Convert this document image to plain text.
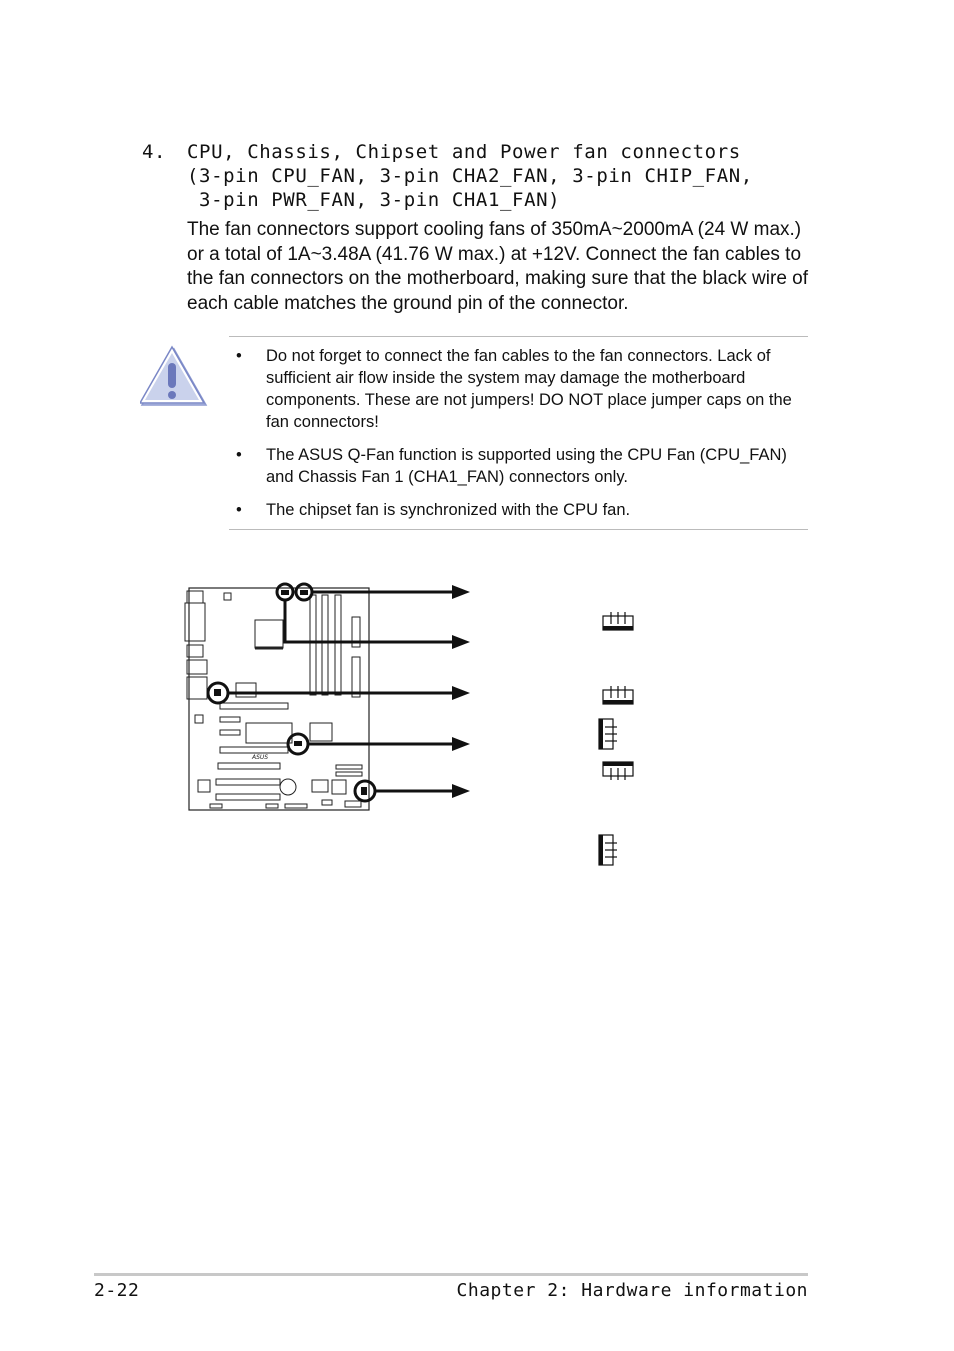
4. CPU, Chassis, Chipset and Power fan connectors
(3-pin CPU_FAN, 3-pin CHA2_FAN, 3-pin CHIP_FAN,
3-pin PWR_FAN, 3-pin CHA1_FAN)
The fan connectors support cooling fans of 350mA~2000mA (24 W max.) or a total of 1A~3.48A (41.76 W max.) at +12V. Connect the fan cables to the fan connectors on the motherboard, making sure that the black wire of each cable matches the ground pin of the connector.
• Do not forget to connect the fan cables to the fan connectors. Lack of sufficient air flow inside the system may damage the motherboard components. These are not jumpers! DO NOT place jumper caps on the fan connectors!
• The ASUS Q-Fan function is supported using the CPU Fan (CPU_FAN) and Chassis Fan 1 (CHA1_FAN) connectors only.
• The chipset fan is synchronized with the CPU fan.
ASUS
2-22	Chapter 2: Hardware information
